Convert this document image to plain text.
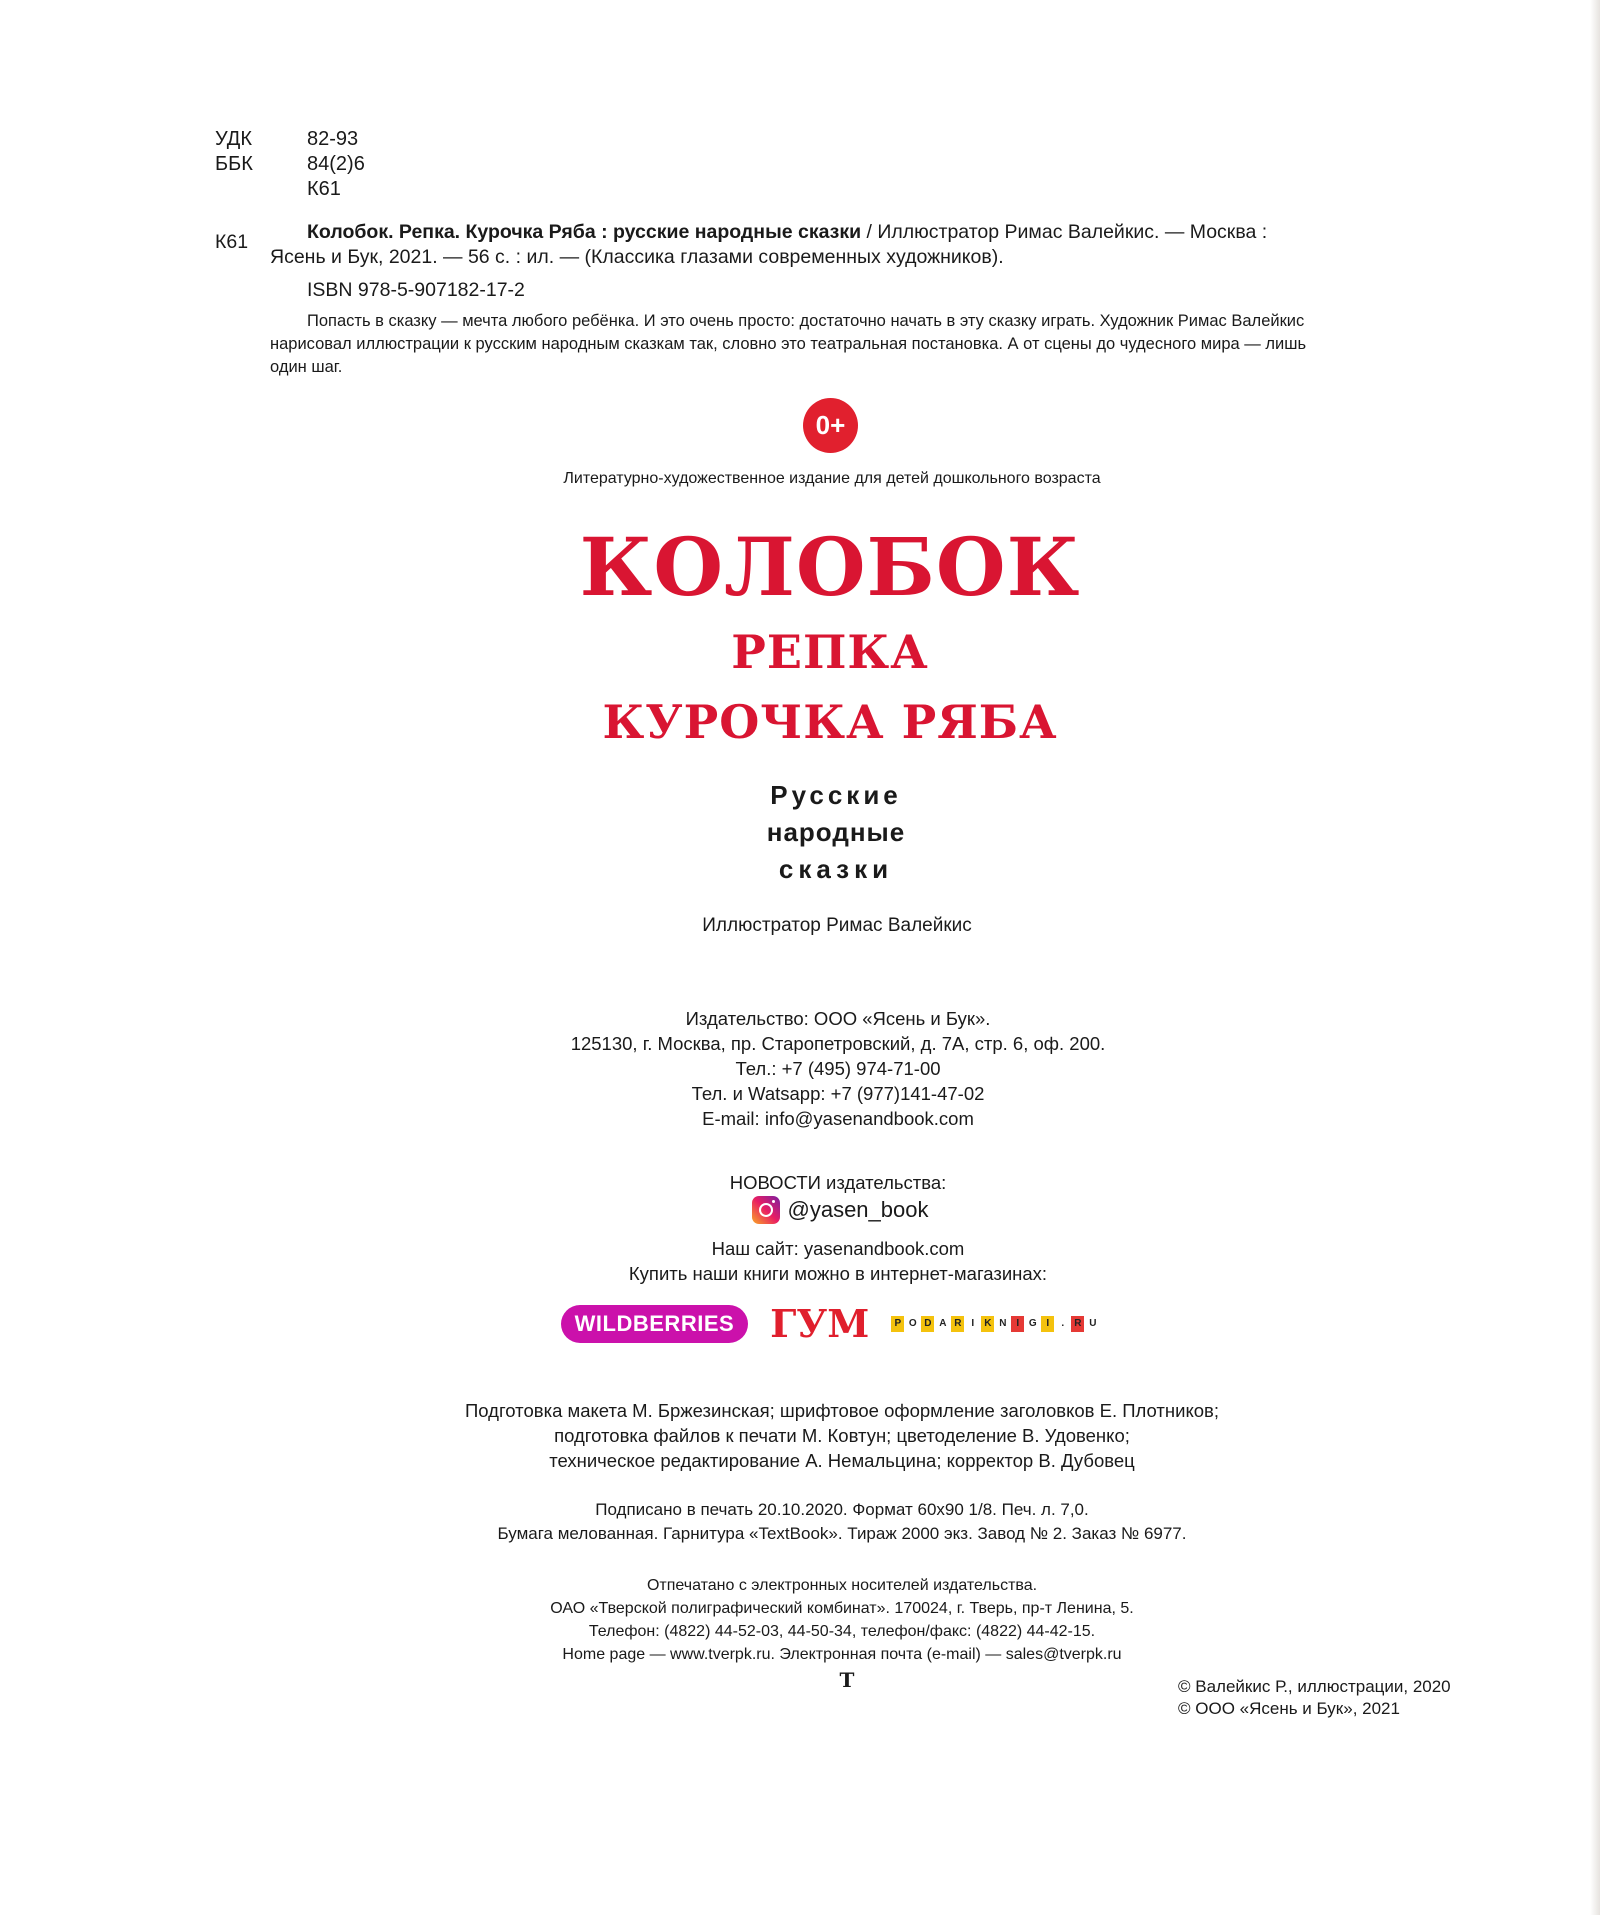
УДК	82-93
ББК	84(2)6
К61
К61	Колобок. Репка. Курочка Ряба : русские народные сказки / Иллюстратор Римас Валейкис. — Москва :
Ясень и Бук, 2021. — 56 с. : ил. — (Классика глазами современных художников).
ISBN 978-5-907182-17-2
Попасть в сказку — мечта любого ребёнка. И это очень просто: достаточно начать в эту сказку играть. Художник Римас Валейкис
нарисовал иллюстрации к русским народным сказкам так, словно это театральная постановка. А от сцены до чудесного мира — лишь
один шаг.
0+
Литературно-художественное издание для детей дошкольного возраста
КОЛОБОК
РЕПКА
КУРОЧКА РЯБА
Русские
народные
сказки
Иллюстратор Римас Валейкис
Издательство: ООО «Ясень и Бук».
125130, г. Москва, пр. Старопетровский, д. 7А, стр. 6, оф. 200.
Тел.: +7 (495) 974-71-00
Тел. и Watsapp: +7 (977)141-47-02
E-mail: info@yasenandbook.com
НОВОСТИ издательства:
@yasen_book
Наш сайт: yasenandbook.com
Купить наши книги можно в интернет-магазинах:
WILDBERRIES ГУМ	P O D A R	I K N	I G I	. R U
Подготовка макета М. Бржезинская; шрифтовое оформление заголовков Е. Плотников;
подготовка файлов к печати М. Ковтун; цветоделение В. Удовенко;
техническое редактирование А. Немальцина; корректор В. Дубовец
Подписано в печать 20.10.2020. Формат 60х90 1/8. Печ. л. 7,0.
Бумага мелованная. Гарнитура «TextBook». Тираж 2000 экз. Завод № 2. Заказ № 6977.
Отпечатано с электронных носителей издательства.
ОАО «Тверской полиграфический комбинат». 170024, г. Тверь, пр-т Ленина, 5.
Телефон: (4822) 44-52-03, 44-50-34, телефон/факс: (4822) 44-42-15.
Home page — www.tverpk.ru. Электронная почта (e-mail) — sales@tverpk.ru
Т	© Валейкис Р., иллюстрации, 2020
© ООО «Ясень и Бук», 2021
